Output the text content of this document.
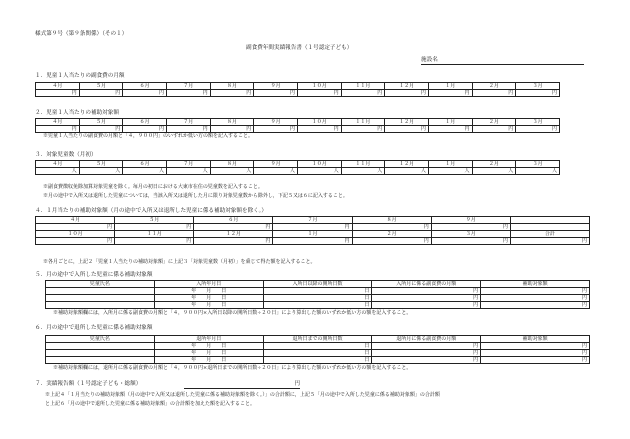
様式第９号（第９条関係）（その１）
副食費年間実績報告書（１号認定子ども）
施設名
１．児童１人当たりの副食費の月額
４月	５月	６月	７月	８月	９月	１０月	１１月	１２月	１月	２月	３月
円	円	円	円	円	円	円	円	円	円	円	円
２．児童１人当たりの補助対象額
４月	５月	６月	７月	８月	９月	１０月	１１月	１２月	１月	２月	３月
円	円	円	円	円	円	円	円	円	円	円	円
※児童１人当たりの副食費の月額と「４，９００円」のいずれか低い方の額を記入すること。
３．対象児童数（月初）
４月	５月	６月	７月	８月	９月	１０月	１１月	１２月	１月	２月	３月
人	人	人	人	人	人	人	人	人	人	人	人
※副食費徴収免除加算対象児童を除く。毎月の初日における大東市在住の児童数を記入すること。
※月の途中で入所又は退所した児童については，当該入所又は退所した月に限り対象児童数から除外し，下記５又は６に記入すること。
４．１月当たりの補助対象額（月の途中で入所又は退所した児童に係る補助対象額を除く。）
４月	５月	６月	７月	８月	９月	
円	円	円	円	円	円	
１０月	１１月	１２月	１月	２月	３月	合計
円	円	円	円	円	円	円
※各月ごとに，上記２「児童１人当たりの補助対象額」に上記３「対象児童数（月初）」を乗じて得た額を記入すること。
５．月の途中で入所した児童に係る補助対象額
児童氏名	入所年月日	入所日以降の開所日数	入所月に係る副食費の月額	補助対象額
	年　　月　　日	日	円	円
	年　　月　　日	日	円	円
	年　　月　　日	日	円	円
※補助対象額欄には，入所月に係る副食費の月額と「４，９００円×入所日以降の開所日数÷２０日」により算出した額のいずれか低い方の額を記入すること。
６．月の途中で退所した児童に係る補助対象額
児童氏名	退所年月日	退所日までの開所日数	退所月に係る副食費の月額	補助対象額
	年　　月　　日	日	円	円
	年　　月　　日	日	円	円
	年　　月　　日	日	円	円
※補助対象額欄には，退所月に係る副食費の月額と「４，９００円×退所日までの開所日数÷２０日」により算出した額のいずれか低い方の額を記入すること。
７．実績報告額（１号認定子ども・総額）	円
※上記４「１月当たりの補助対象額（月の途中で入所又は退所した児童に係る補助対象額を除く。）」の合計額に，上記５「月の途中で入所した児童に係る補助対象額」の合計額
と上記６「月の途中で退所した児童に係る補助対象額」の合計額を加えた額を記入すること。
